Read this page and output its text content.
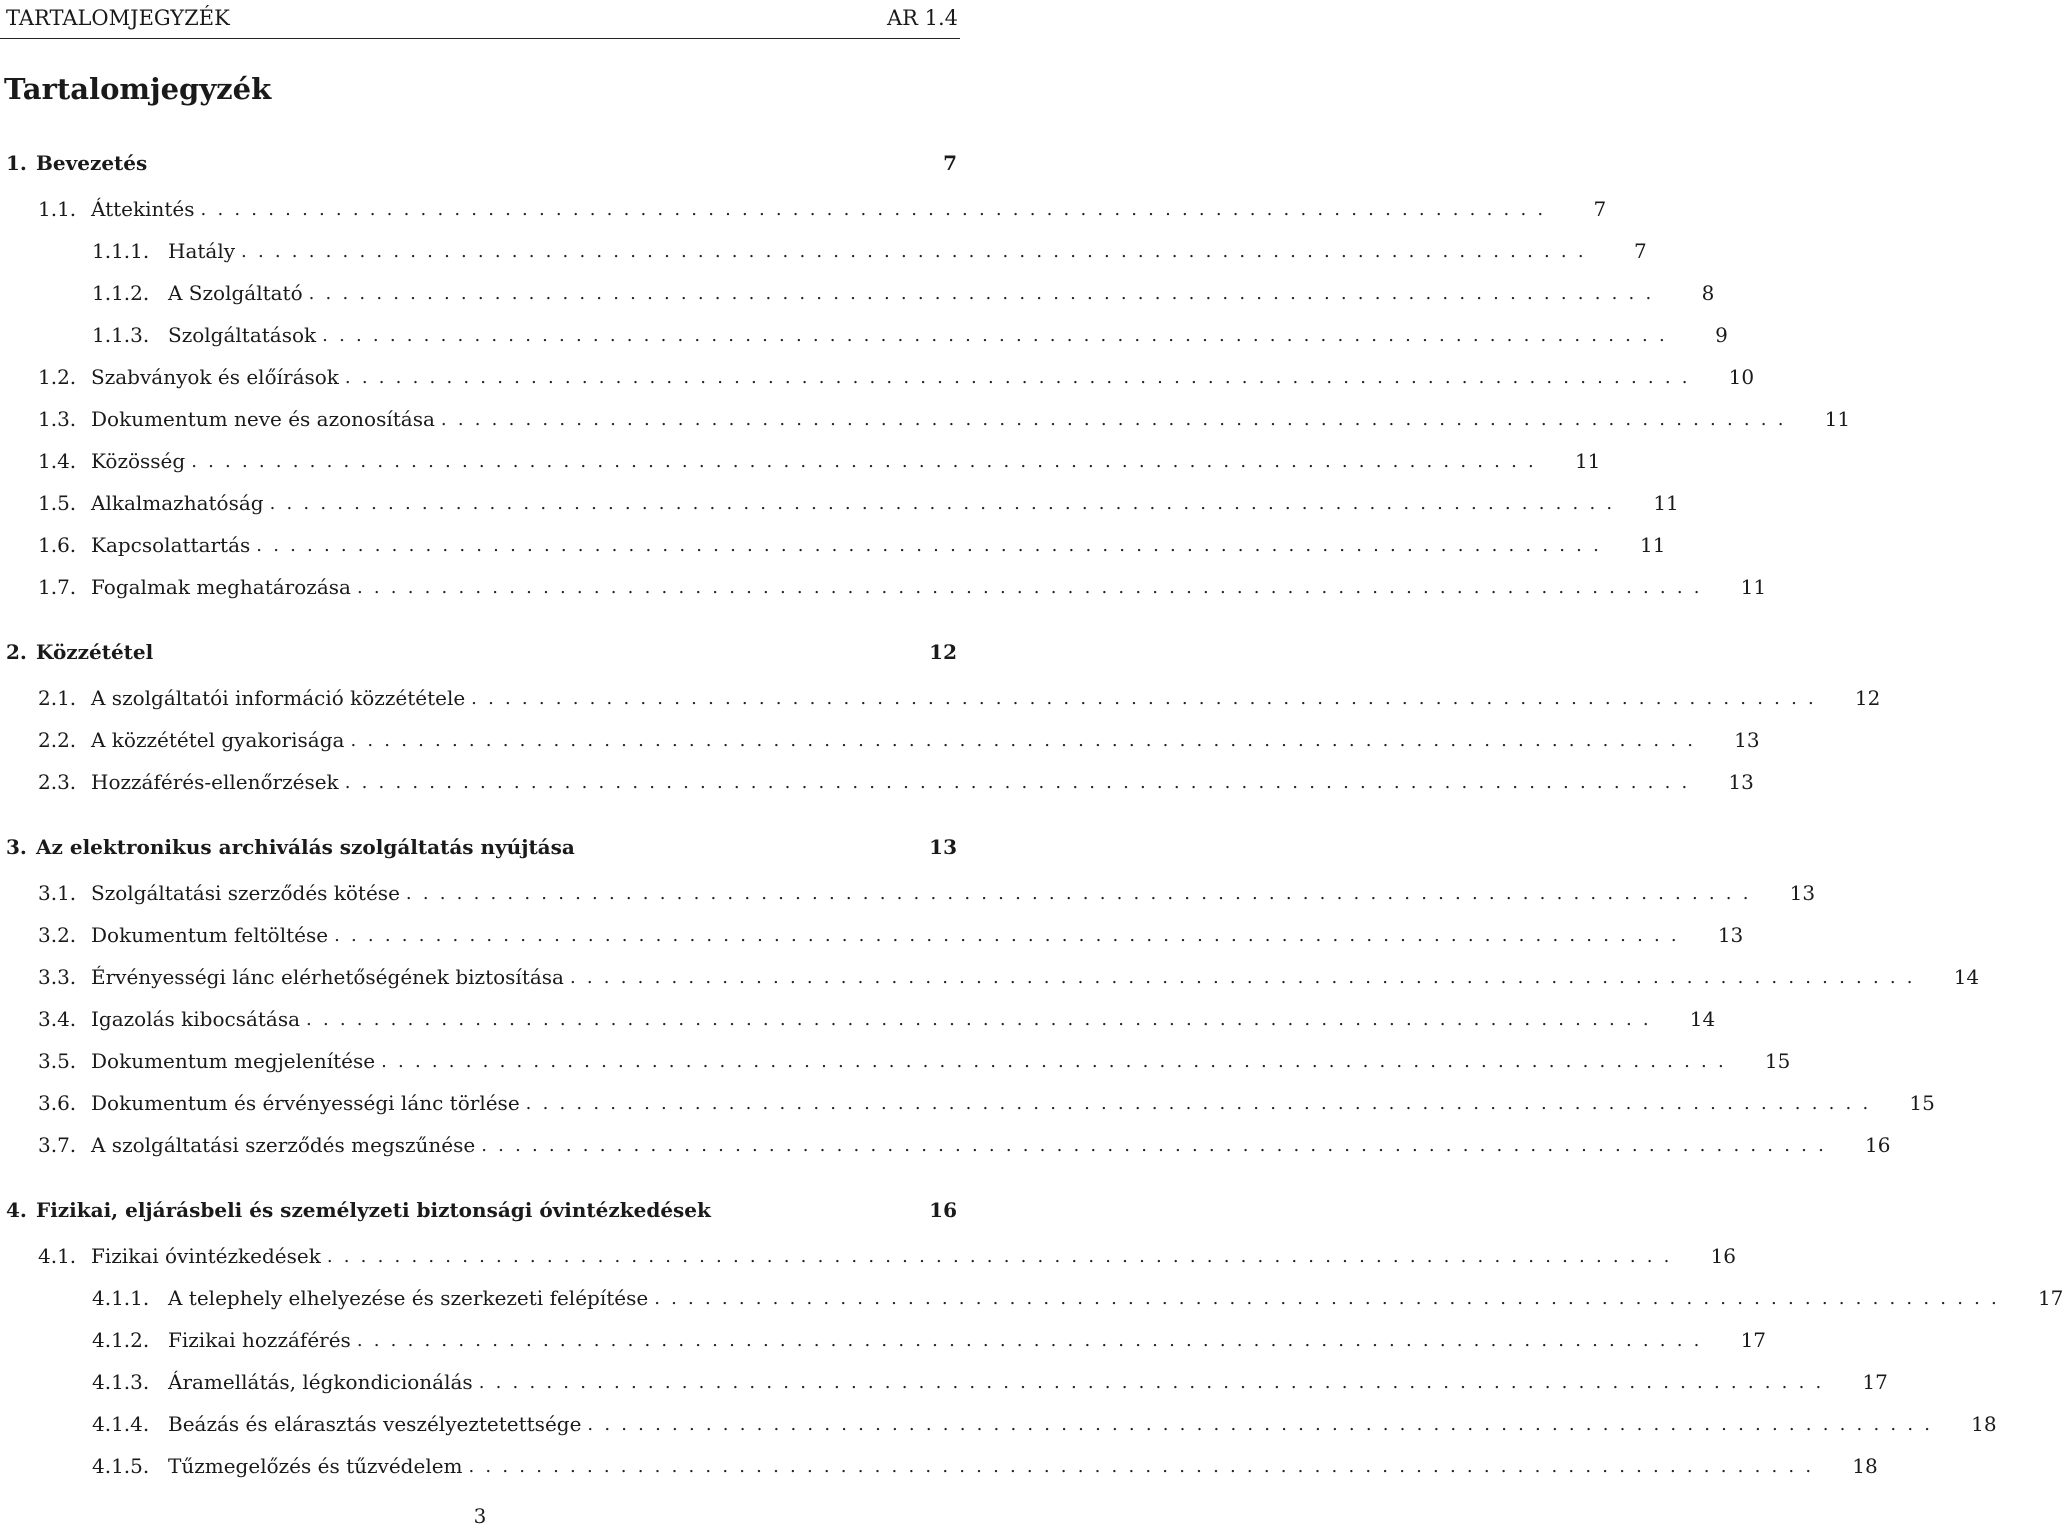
TARTALOMJEGYZÉK	AR 1.4
Tartalomjegyzék
1. Bevezetés	7
1.1. Áttekintés ................................................................................	7
1.1.1. Hatály ................................................................................	7
1.1.2. A Szolgáltató ................................................................................	8
1.1.3. Szolgáltatások ................................................................................	9
1.2. Szabványok és előírások ................................................................................ 10
1.3. Dokumentum neve és azonosítása ................................................................................ 11
1.4. Közösség ................................................................................ 11
1.5. Alkalmazhatóság ................................................................................ 11
1.6. Kapcsolattartás ................................................................................ 11
1.7. Fogalmak meghatározása ................................................................................ 11
2. Közzététel	12
2.1. A szolgáltatói információ közzététele ................................................................................ 12
2.2. A közzététel gyakorisága ................................................................................ 13
2.3. Hozzáférés-ellenőrzések ................................................................................ 13
3. Az elektronikus archiválás szolgáltatás nyújtása	13
3.1. Szolgáltatási szerződés kötése ................................................................................ 13
3.2. Dokumentum feltöltése ................................................................................ 13
3.3. Érvényességi lánc elérhetőségének biztosítása ................................................................................ 14
3.4. Igazolás kibocsátása ................................................................................ 14
3.5. Dokumentum megjelenítése ................................................................................ 15
3.6. Dokumentum és érvényességi lánc törlése ................................................................................ 15
3.7. A szolgáltatási szerződés megszűnése ................................................................................ 16
4. Fizikai, eljárásbeli és személyzeti biztonsági óvintézkedések	16
4.1. Fizikai óvintézkedések ................................................................................ 16
4.1.1. A telephely elhelyezése és szerkezeti felépítése ................................................................................ 17
4.1.2. Fizikai hozzáférés ................................................................................ 17
4.1.3. Áramellátás, légkondicionálás ................................................................................ 17
4.1.4. Beázás és elárasztás veszélyeztetettsége ................................................................................ 18
4.1.5. Tűzmegelőzés és tűzvédelem ................................................................................ 18
3
